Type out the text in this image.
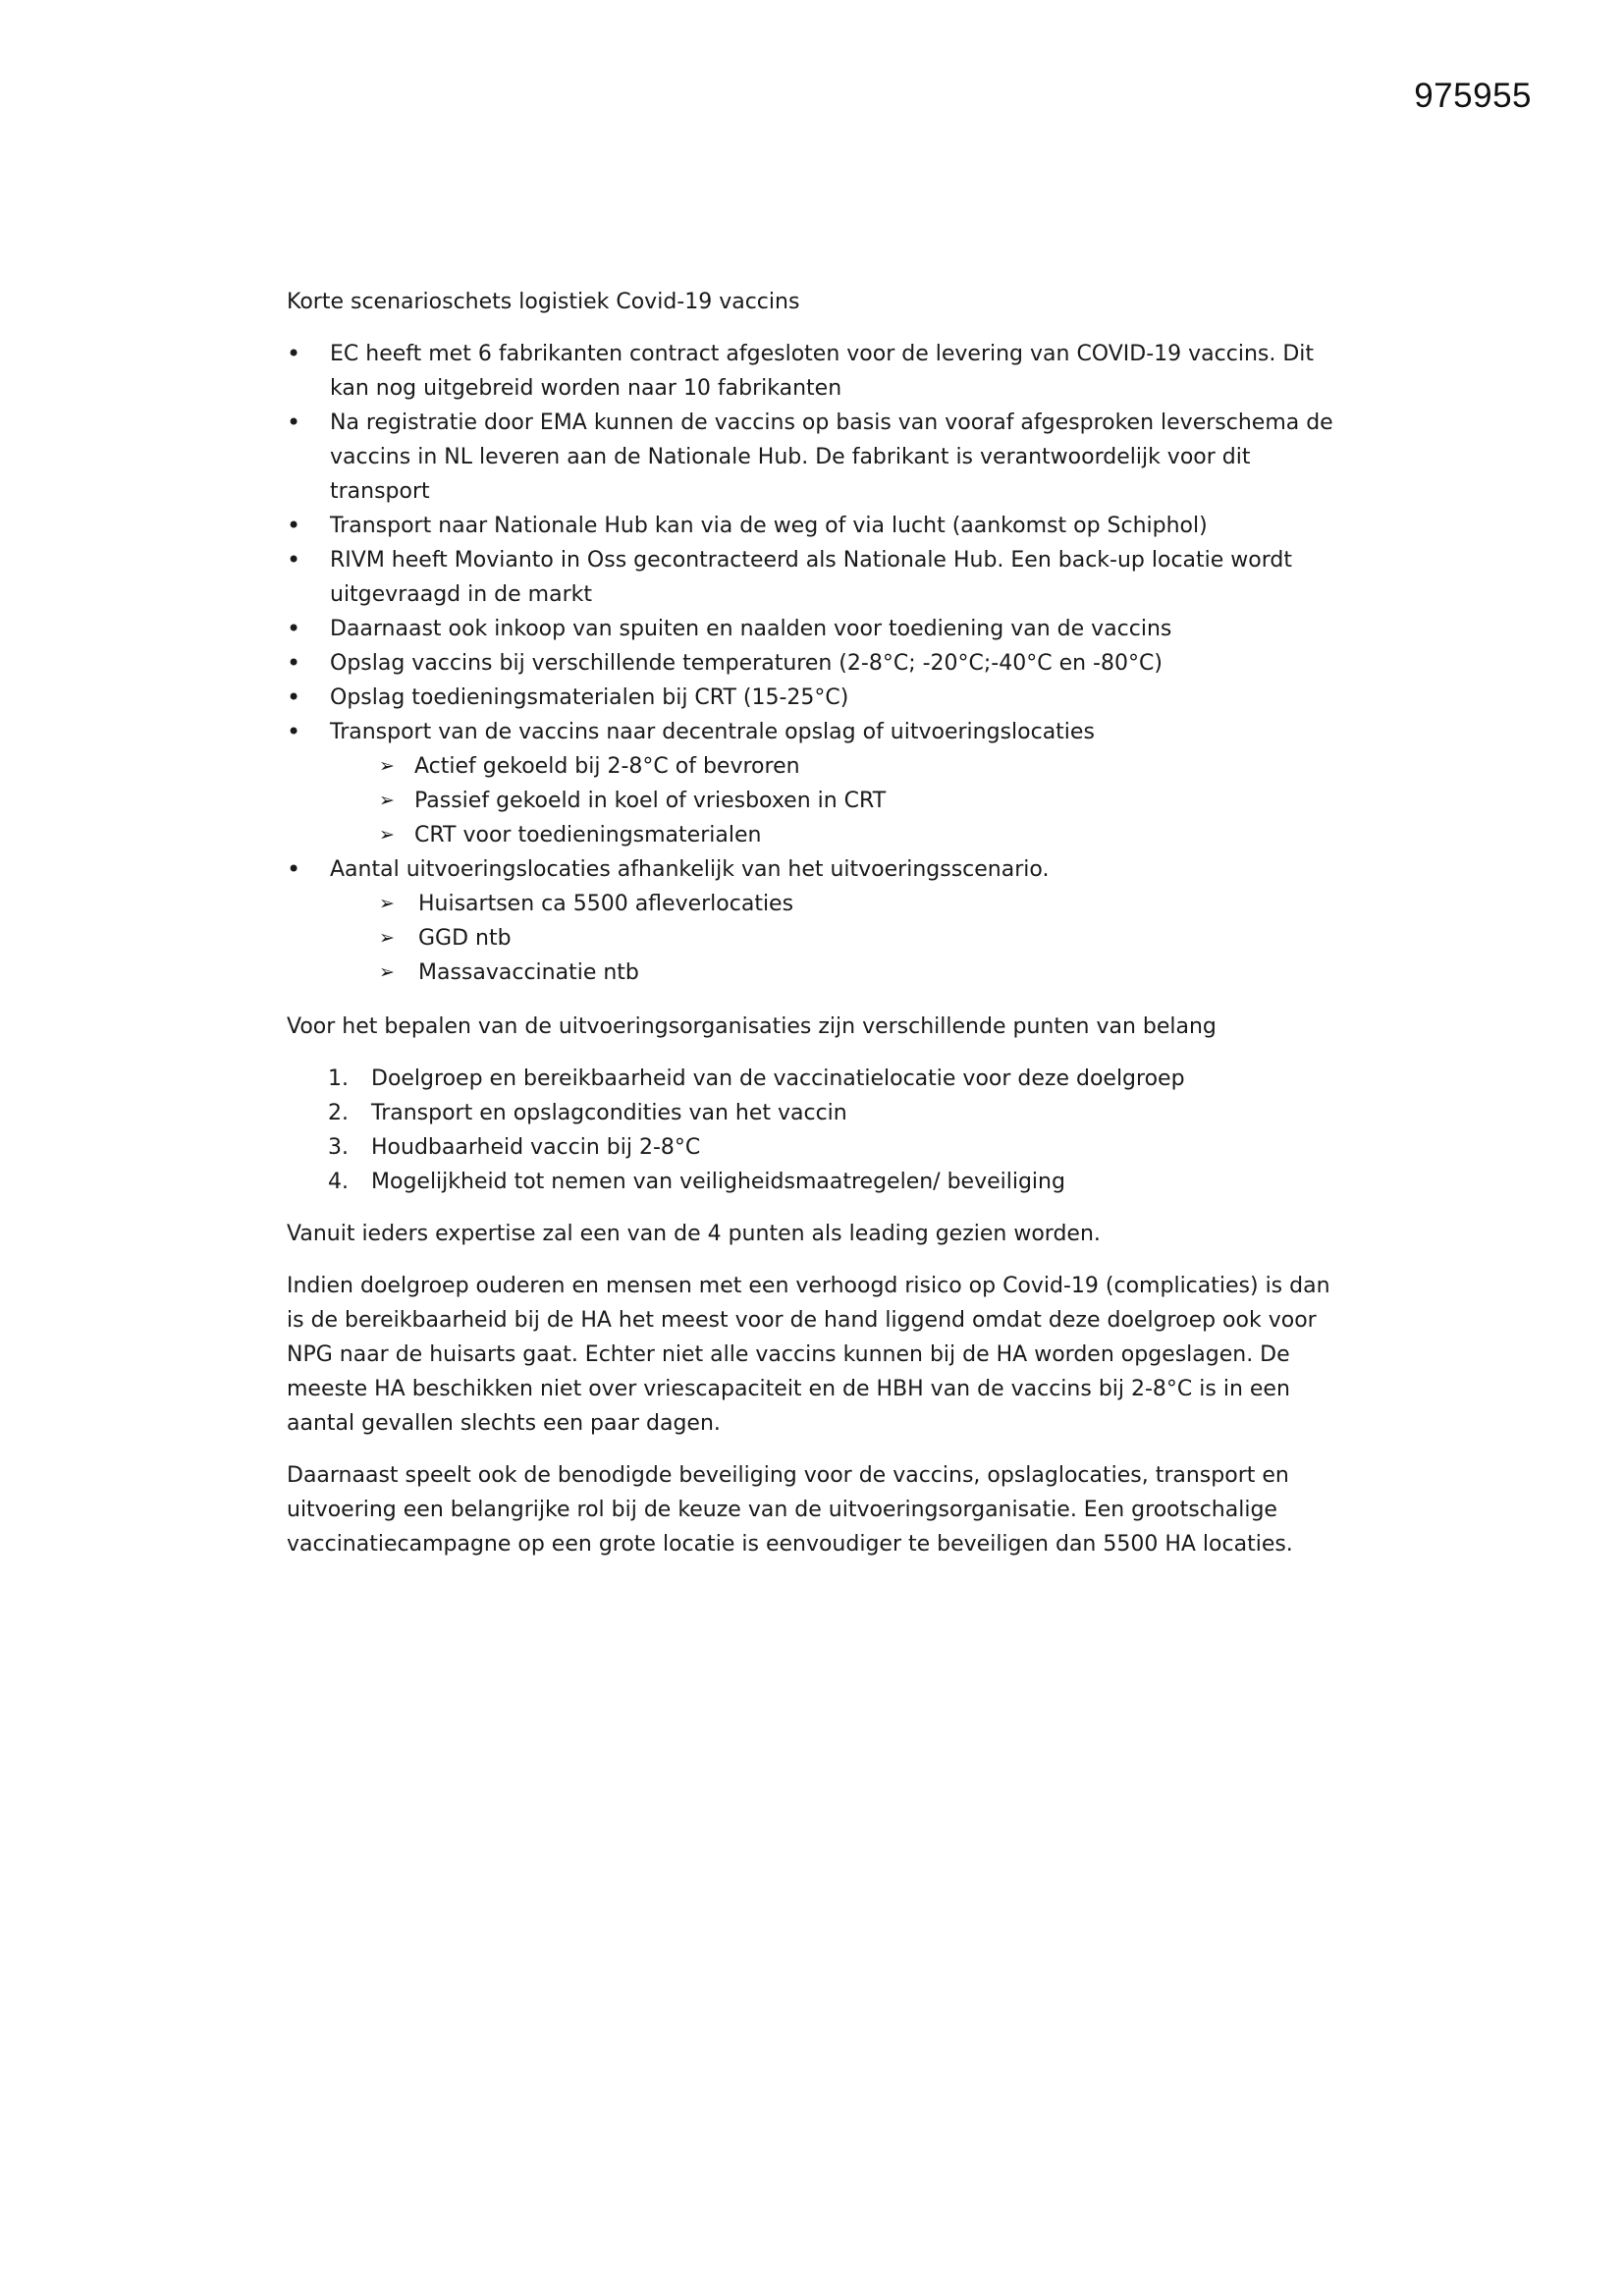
975955

Korte scenarioschets logistiek Covid-19 vaccins

• EC heeft met 6 fabrikanten contract afgesloten voor de levering van COVID-19 vaccins. Dit kan nog uitgebreid worden naar 10 fabrikanten
• Na registratie door EMA kunnen de vaccins op basis van vooraf afgesproken leverschema de vaccins in NL leveren aan de Nationale Hub. De fabrikant is verantwoordelijk voor dit transport
• Transport naar Nationale Hub kan via de weg of via lucht (aankomst op Schiphol)
• RIVM heeft Movianto in Oss gecontracteerd als Nationale Hub. Een back-up locatie wordt uitgevraagd in de markt
• Daarnaast ook inkoop van spuiten en naalden voor toediening van de vaccins
• Opslag vaccins bij verschillende temperaturen (2-8°C; -20°C;-40°C en -80°C)
• Opslag toedieningsmaterialen bij CRT (15-25°C)
• Transport van de vaccins naar decentrale opslag of uitvoeringslocaties
➢ Actief gekoeld bij 2-8°C of bevroren
➢ Passief gekoeld in koel of vriesboxen in CRT
➢ CRT voor toedieningsmaterialen
• Aantal uitvoeringslocaties afhankelijk van het uitvoeringsscenario.
➢ Huisartsen ca 5500 afleverlocaties
➢ GGD ntb
➢ Massavaccinatie ntb

Voor het bepalen van de uitvoeringsorganisaties zijn verschillende punten van belang

1. Doelgroep en bereikbaarheid van de vaccinatielocatie voor deze doelgroep
2. Transport en opslagcondities van het vaccin
3. Houdbaarheid vaccin bij 2-8°C
4. Mogelijkheid tot nemen van veiligheidsmaatregelen/ beveiliging

Vanuit ieders expertise zal een van de 4 punten als leading gezien worden.

Indien doelgroep ouderen en mensen met een verhoogd risico op Covid-19 (complicaties) is dan is de bereikbaarheid bij de HA het meest voor de hand liggend omdat deze doelgroep ook voor NPG naar de huisarts gaat. Echter niet alle vaccins kunnen bij de HA worden opgeslagen. De meeste HA beschikken niet over vriescapaciteit en de HBH van de vaccins bij 2-8°C is in een aantal gevallen slechts een paar dagen.

Daarnaast speelt ook de benodigde beveiliging voor de vaccins, opslaglocaties, transport en uitvoering een belangrijke rol bij de keuze van de uitvoeringsorganisatie. Een grootschalige vaccinatiecampagne op een grote locatie is eenvoudiger te beveiligen dan 5500 HA locaties.
